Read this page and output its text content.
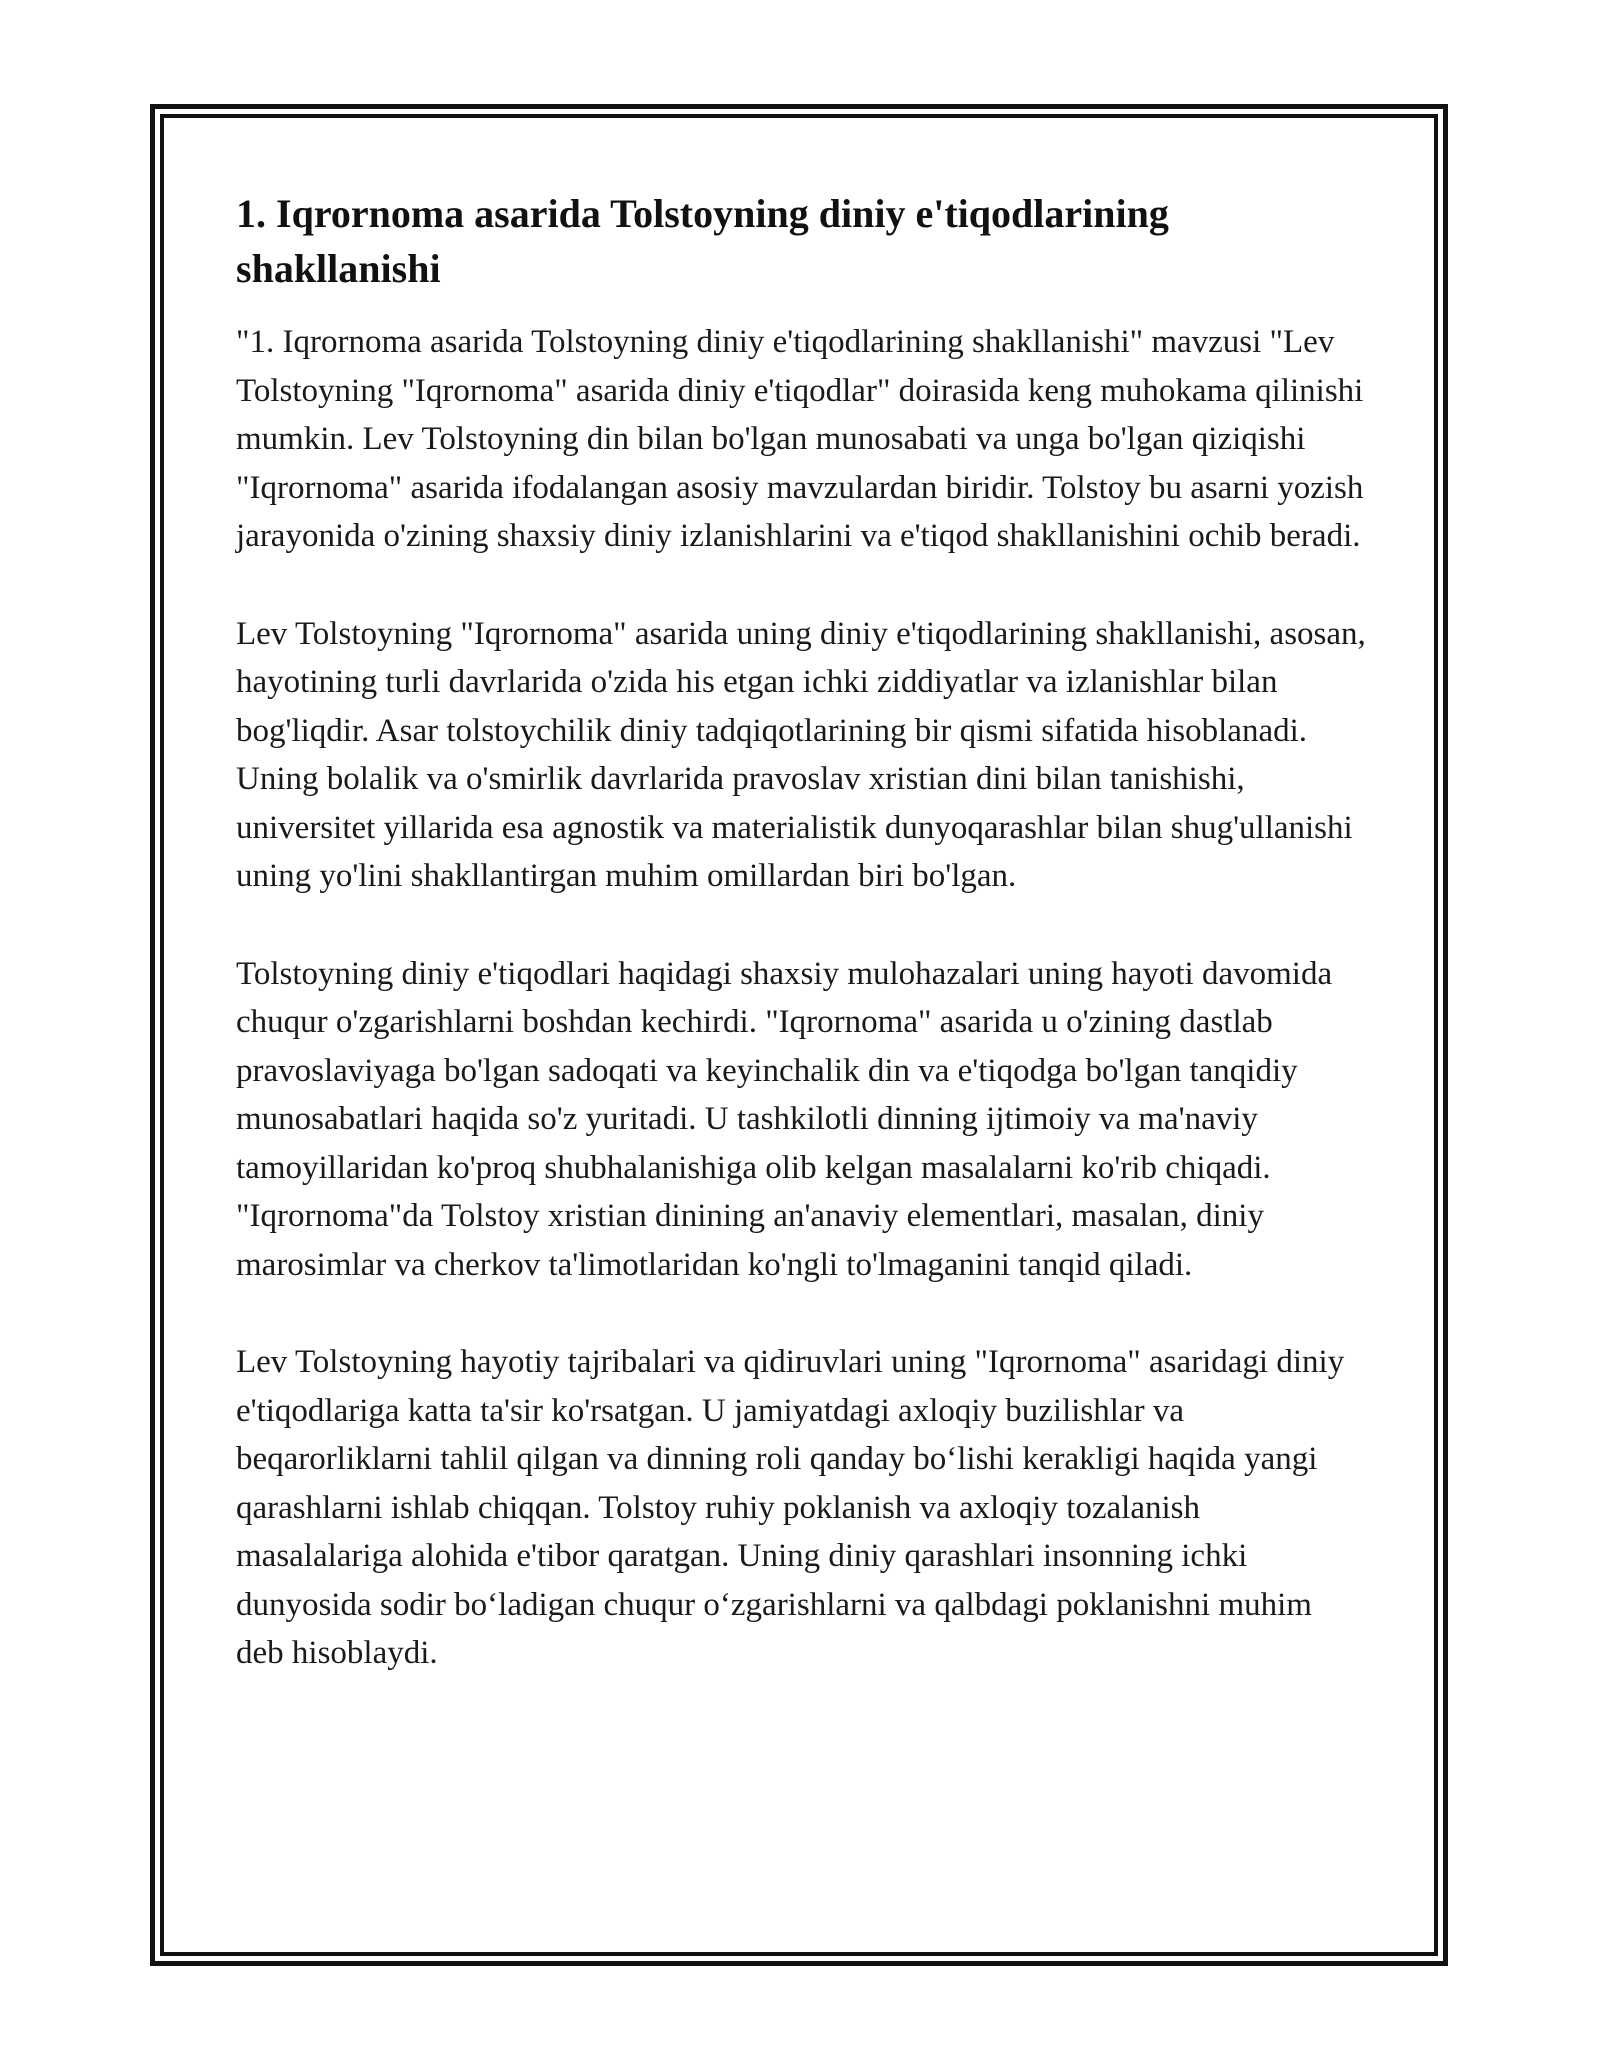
1. Iqrornoma asarida Tolstoyning diniy e'tiqodlarining shakllanishi

"1. Iqrornoma asarida Tolstoyning diniy e'tiqodlarining shakllanishi" mavzusi "Lev Tolstoyning "Iqrornoma" asarida diniy e'tiqodlar" doirasida keng muhokama qilinishi mumkin. Lev Tolstoyning din bilan bo'lgan munosabati va unga bo'lgan qiziqishi "Iqrornoma" asarida ifodalangan asosiy mavzulardan biridir. Tolstoy bu asarni yozish jarayonida o'zining shaxsiy diniy izlanishlarini va e'tiqod shakllanishini ochib beradi.

Lev Tolstoyning "Iqrornoma" asarida uning diniy e'tiqodlarining shakllanishi, asosan, hayotining turli davrlarida o'zida his etgan ichki ziddiyatlar va izlanishlar bilan bog'liqdir. Asar tolstoychilik diniy tadqiqotlarining bir qismi sifatida hisoblanadi. Uning bolalik va o'smirlik davrlarida pravoslav xristian dini bilan tanishishi, universitet yillarida esa agnostik va materialistik dunyoqarashlar bilan shug'ullanishi uning yo'lini shakllantirgan muhim omillardan biri bo'lgan.

Tolstoyning diniy e'tiqodlari haqidagi shaxsiy mulohazalari uning hayoti davomida chuqur o'zgarishlarni boshdan kechirdi. "Iqrornoma" asarida u o'zining dastlab pravoslaviyaga bo'lgan sadoqati va keyinchalik din va e'tiqodga bo'lgan tanqidiy munosabatlari haqida so'z yuritadi. U tashkilotli dinning ijtimoiy va ma'naviy tamoyillaridan ko'proq shubhalanishiga olib kelgan masalalarni ko'rib chiqadi. "Iqrornoma"da Tolstoy xristian dinining an'anaviy elementlari, masalan, diniy marosimlar va cherkov ta'limotlaridan ko'ngli to'lmaganini tanqid qiladi.

Lev Tolstoyning hayotiy tajribalari va qidiruvlari uning "Iqrornoma" asaridagi diniy e'tiqodlariga katta ta'sir ko'rsatgan. U jamiyatdagi axloqiy buzilishlar va beqarorliklarni tahlil qilgan va dinning roli qanday bo‘lishi kerakligi haqida yangi qarashlarni ishlab chiqqan. Tolstoy ruhiy poklanish va axloqiy tozalanish masalalariga alohida e'tibor qaratgan. Uning diniy qarashlari insonning ichki dunyosida sodir bo‘ladigan chuqur o‘zgarishlarni va qalbdagi poklanishni muhim deb hisoblaydi.
